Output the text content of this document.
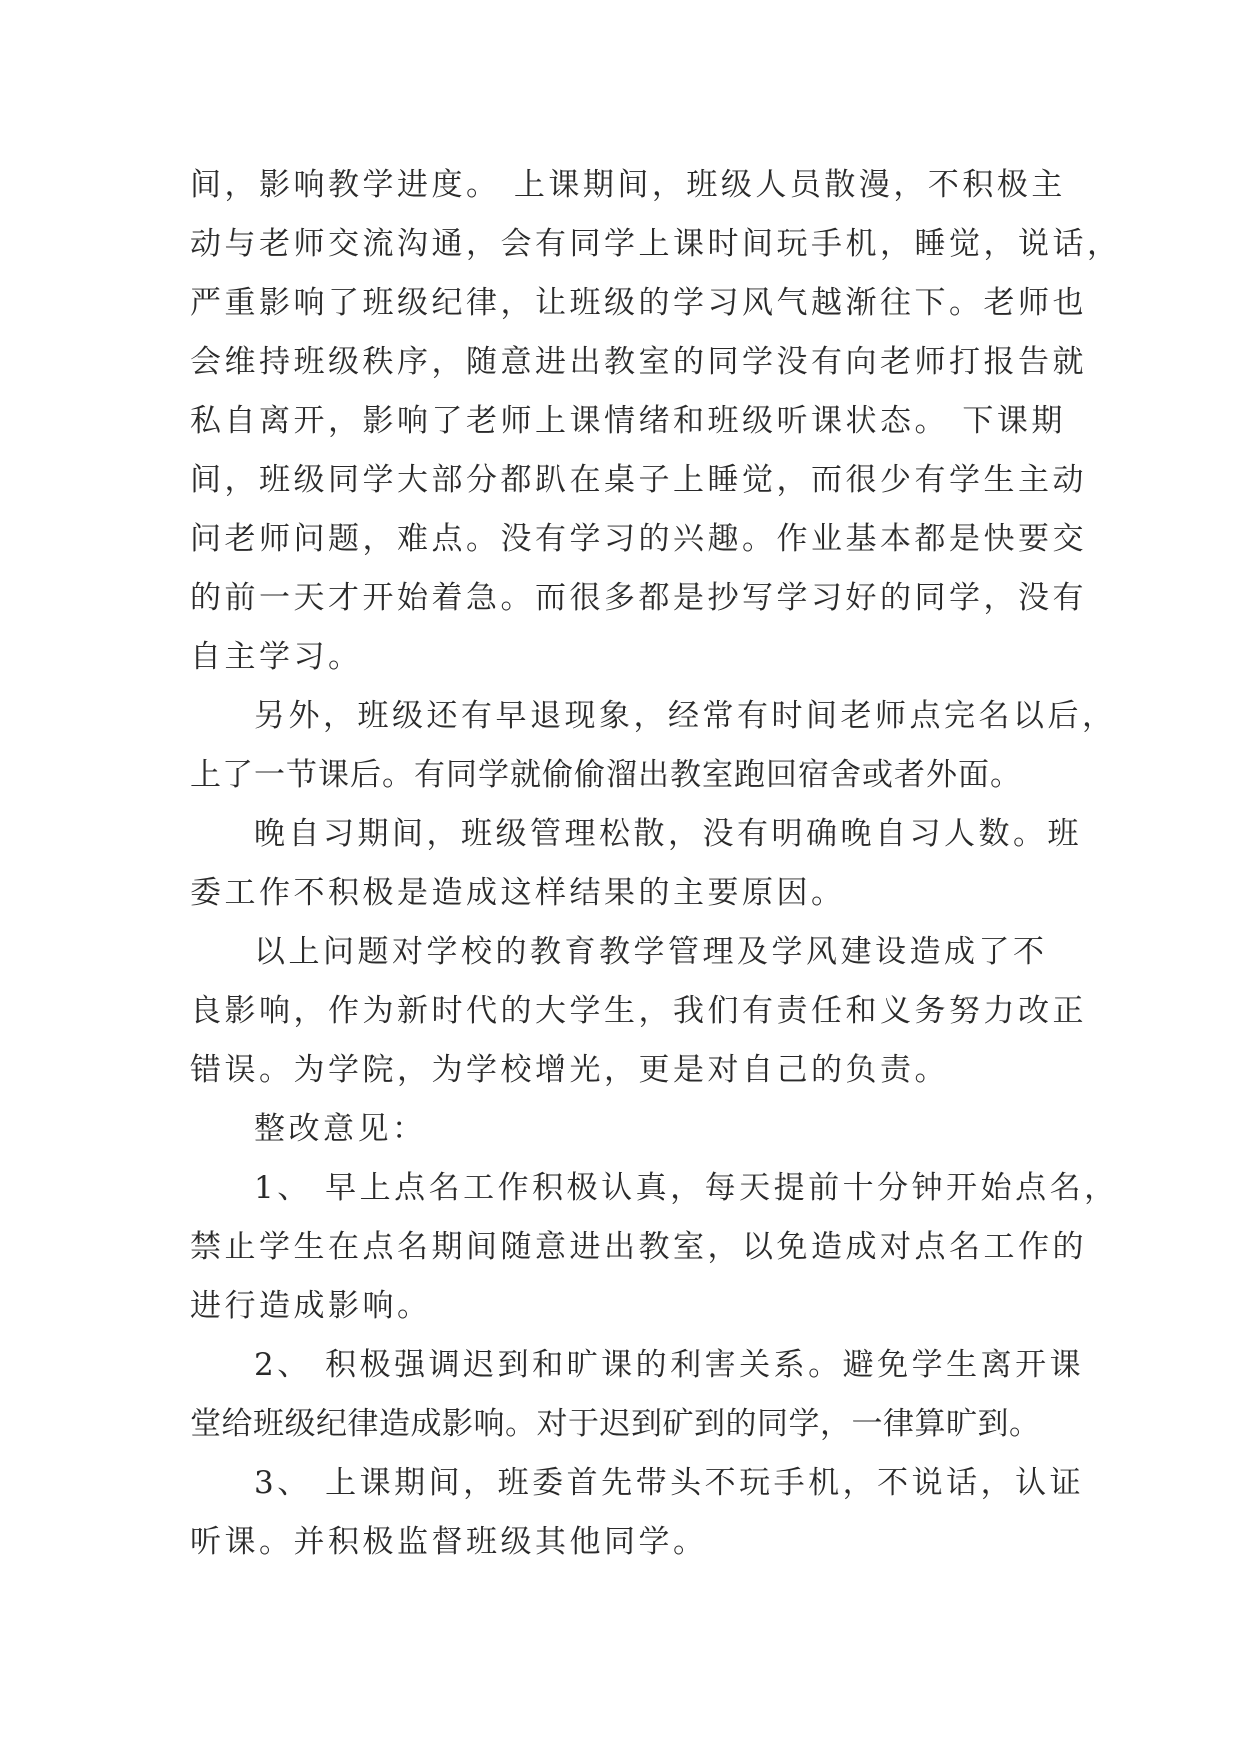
间，影响教学进度。 上课期间，班级人员散漫，不积极主
动与老师交流沟通，会有同学上课时间玩手机，睡觉，说话，
严重影响了班级纪律，让班级的学习风气越渐往下。老师也
会维持班级秩序，随意进出教室的同学没有向老师打报告就
私自离开，影响了老师上课情绪和班级听课状态。 下课期
间，班级同学大部分都趴在桌子上睡觉，而很少有学生主动
问老师问题，难点。没有学习的兴趣。作业基本都是快要交
的前一天才开始着急。而很多都是抄写学习好的同学，没有
自主学习。
另外，班级还有早退现象，经常有时间老师点完名以后，
上了一节课后。有同学就偷偷溜出教室跑回宿舍或者外面。
晚自习期间，班级管理松散，没有明确晚自习人数。班
委工作不积极是造成这样结果的主要原因。
以上问题对学校的教育教学管理及学风建设造成了不
良影响，作为新时代的大学生，我们有责任和义务努力改正
错误。为学院，为学校增光，更是对自己的负责。
整改意见：
1、 早上点名工作积极认真，每天提前十分钟开始点名，
禁止学生在点名期间随意进出教室，以免造成对点名工作的
进行造成影响。
2、 积极强调迟到和旷课的利害关系。避免学生离开课
堂给班级纪律造成影响。对于迟到矿到的同学，一律算旷到。
3、 上课期间，班委首先带头不玩手机，不说话，认证
听课。并积极监督班级其他同学。
